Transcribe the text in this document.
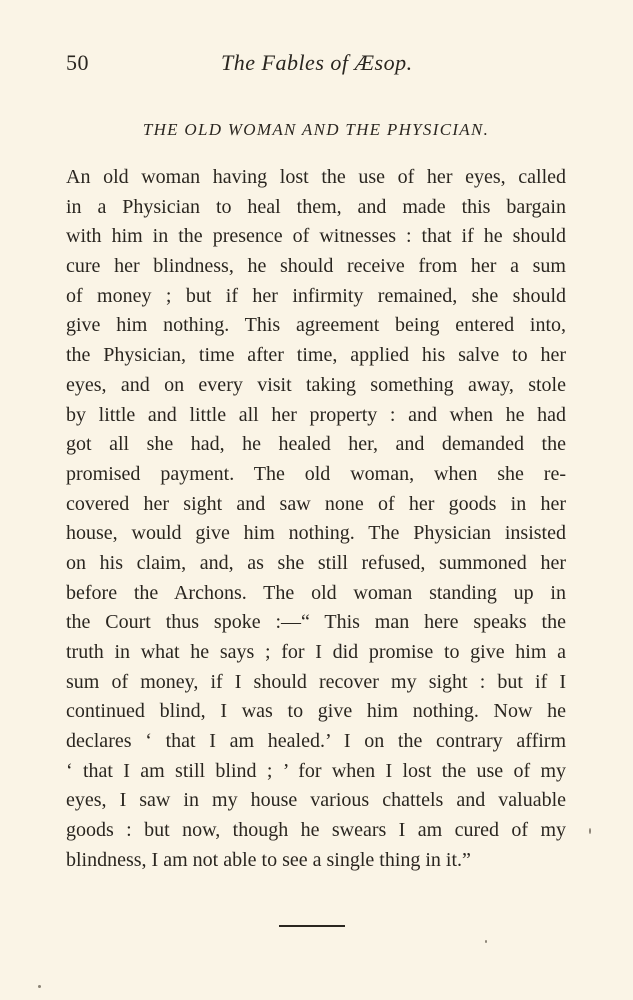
50	The Fables of Æsop.
THE OLD WOMAN AND THE PHYSICIAN.
An old woman having lost the use of her eyes, called
in a Physician to heal them, and made this bargain
with him in the presence of witnesses : that if he should
cure her blindness, he should receive from her a sum
of money ; but if her infirmity remained, she should
give him nothing. This agreement being entered into,
the Physician, time after time, applied his salve to her
eyes, and on every visit taking something away, stole
by little and little all her property : and when he had
got all she had, he healed her, and demanded the
promised payment. The old woman, when she re-
covered her sight and saw none of her goods in her
house, would give him nothing. The Physician insisted
on his claim, and, as she still refused, summoned her
before the Archons. The old woman standing up in
the Court thus spoke :—“ This man here speaks the
truth in what he says ; for I did promise to give him a
sum of money, if I should recover my sight : but if I
continued blind, I was to give him nothing. Now he
declares ‘ that I am healed.’ I on the contrary affirm
‘ that I am still blind ; ’ for when I lost the use of my
eyes, I saw in my house various chattels and valuable
goods : but now, though he swears I am cured of my
blindness, I am not able to see a single thing in it.”
